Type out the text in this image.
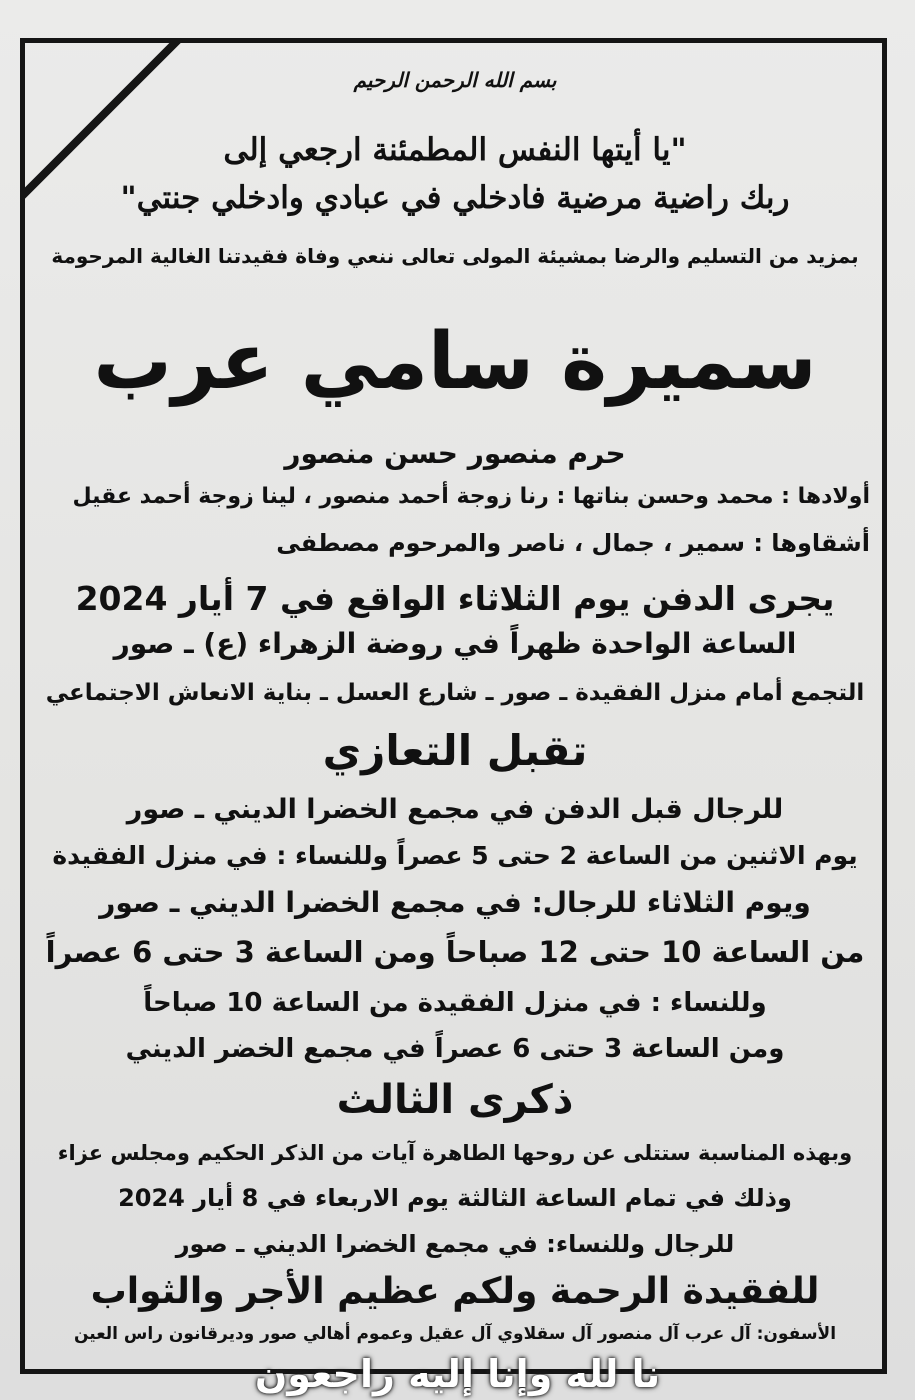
بسم الله الرحمن الرحيم
"يا أيتها النفس المطمئنة ارجعي إلى
ربك راضية مرضية فادخلي في عبادي وادخلي جنتي"
بمزيد من التسليم والرضا بمشيئة المولى تعالى ننعي وفاة فقيدتنا الغالية المرحومة
سميرة سامي عرب
حرم منصور حسن منصور
أولادها : محمد وحسن بناتها : رنا زوجة أحمد منصور ، لينا زوجة أحمد عقيل
أشقاوها : سمير ، جمال ، ناصر والمرحوم مصطفى
يجرى الدفن يوم الثلاثاء الواقع في 7 أيار 2024
الساعة الواحدة ظهراً في روضة الزهراء (ع) ـ صور
التجمع أمام منزل الفقيدة ـ صور ـ شارع العسل ـ بناية الانعاش الاجتماعي
تقبل التعازي
للرجال قبل الدفن في مجمع الخضرا الديني ـ صور
يوم الاثنين من الساعة 2 حتى 5 عصراً وللنساء : في منزل الفقيدة
ويوم الثلاثاء للرجال: في مجمع الخضرا الديني ـ صور
من الساعة 10 حتى 12 صباحاً ومن الساعة 3 حتى 6 عصراً
وللنساء : في منزل الفقيدة من الساعة 10 صباحاً
ومن الساعة 3 حتى 6 عصراً في مجمع الخضر الديني
ذكرى الثالث
وبهذه المناسبة ستتلى عن روحها الطاهرة آيات من الذكر الحكيم ومجلس عزاء
وذلك في تمام الساعة الثالثة يوم الاربعاء في 8 أيار 2024
للرجال وللنساء: في مجمع الخضرا الديني ـ صور
للفقيدة الرحمة ولكم عظيم الأجر والثواب
الأسفون: آل عرب آل منصور آل سقلاوي آل عقيل وعموم أهالي صور وديرقانون راس العين
نا لله وإنا إليه راجعون
